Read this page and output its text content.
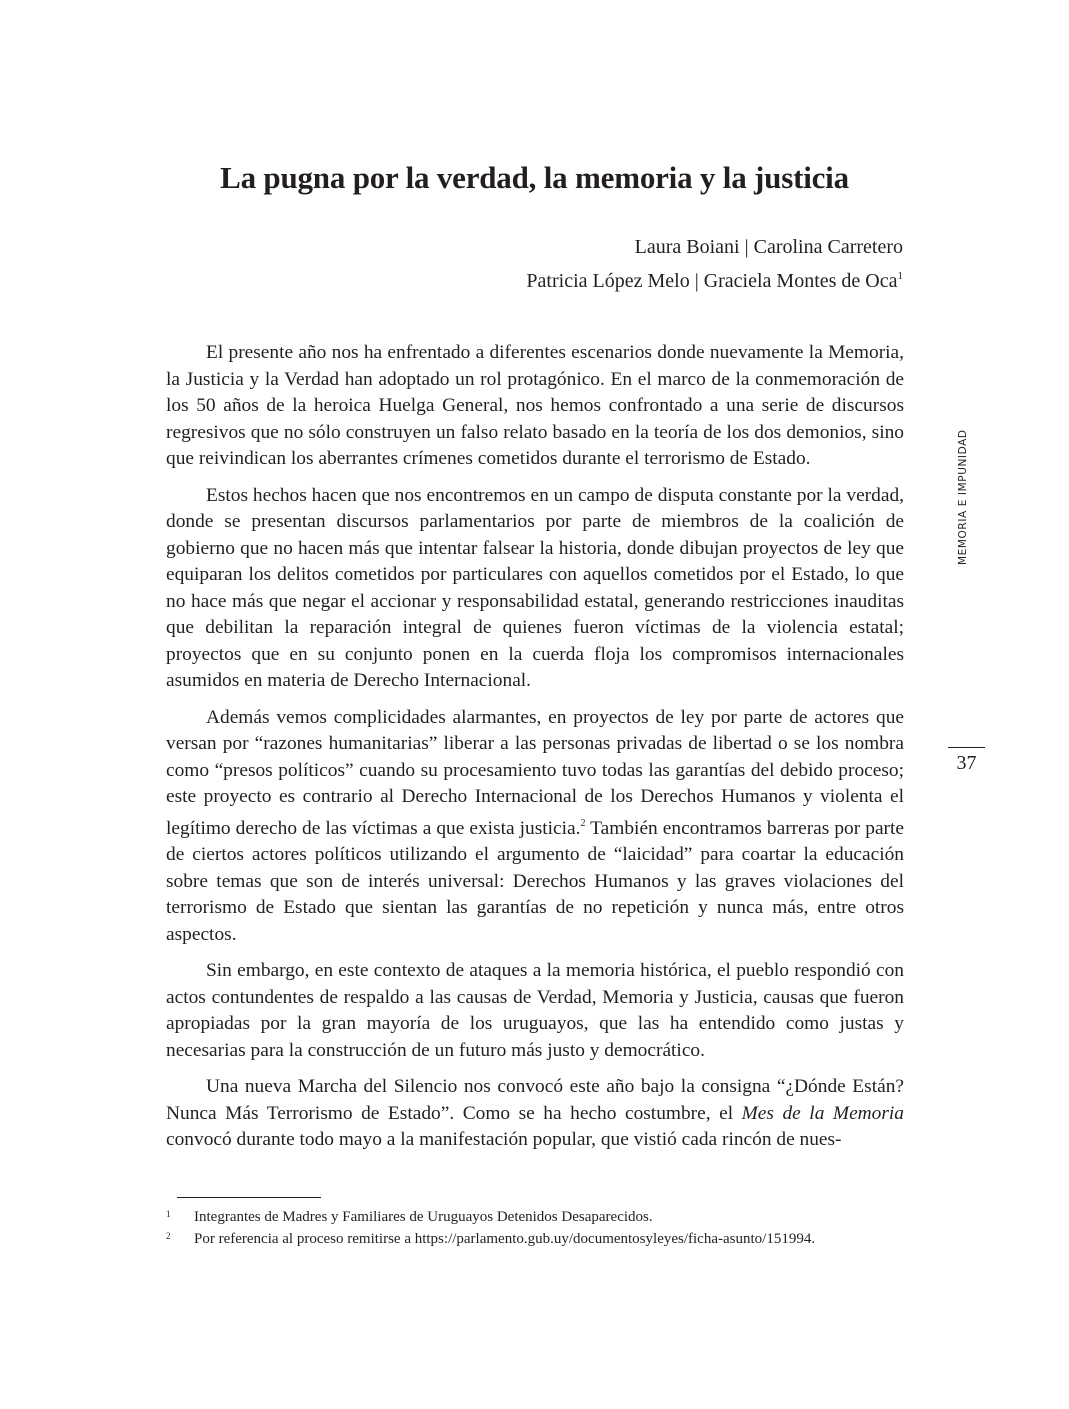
La pugna por la verdad, la memoria y la justicia
Laura Boiani | Carolina Carretero
Patricia López Melo | Graciela Montes de Oca$^1$

El presente año nos ha enfrentado a diferentes escenarios donde nuevamente la Memoria, la Justicia y la Verdad han adoptado un rol protagónico. En el marco de la conmemoración de los 50 años de la heroica Huelga General, nos hemos confrontado a una serie de discursos regresivos que no sólo construyen un falso relato basado en la teoría de los dos demonios, sino que reivindican los aberrantes crímenes cometidos durante el terrorismo de Estado.

Estos hechos hacen que nos encontremos en un campo de disputa constante por la verdad, donde se presentan discursos parlamentarios por parte de miembros de la coalición de gobierno que no hacen más que intentar falsear la historia, donde dibujan proyectos de ley que equiparan los delitos cometidos por particulares con aquellos cometidos por el Estado, lo que no hace más que negar el accionar y responsabilidad estatal, generando restricciones inauditas que debilitan la reparación integral de quienes fueron víctimas de la violencia estatal; proyectos que en su conjunto ponen en la cuerda floja los compromisos internacionales asumidos en materia de Derecho Internacional.

Además vemos complicidades alarmantes, en proyectos de ley por parte de actores que versan por “razones humanitarias” liberar a las personas privadas de libertad o se los nombra como “presos políticos” cuando su procesamiento tuvo todas las garantías del debido proceso; este proyecto es contrario al Derecho Internacional de los Derechos Humanos y violenta el legítimo derecho de las víctimas a que exista justicia.$^2$ También encontramos barreras por parte de ciertos actores políticos utilizando el argumento de “laicidad” para coartar la educación sobre temas que son de interés universal: Derechos Humanos y las graves violaciones del terrorismo de Estado que sientan las garantías de no repetición y nunca más, entre otros aspectos.

Sin embargo, en este contexto de ataques a la memoria histórica, el pueblo respondió con actos contundentes de respaldo a las causas de Verdad, Memoria y Justicia, causas que fueron apropiadas por la gran mayoría de los uruguayos, que las ha entendido como justas y necesarias para la construcción de un futuro más justo y democrático.

Una nueva Marcha del Silencio nos convocó este año bajo la consigna “¿Dónde Están? Nunca Más Terrorismo de Estado”. Como se ha hecho costumbre, el Mes de la Memoria convocó durante todo mayo a la manifestación popular, que vistió cada rincón de nues-

MEMORIA E IMPUNIDAD
37
1 Integrantes de Madres y Familiares de Uruguayos Detenidos Desaparecidos.
2 Por referencia al proceso remitirse a https://parlamento.gub.uy/documentosyleyes/ficha-asunto/151994.
